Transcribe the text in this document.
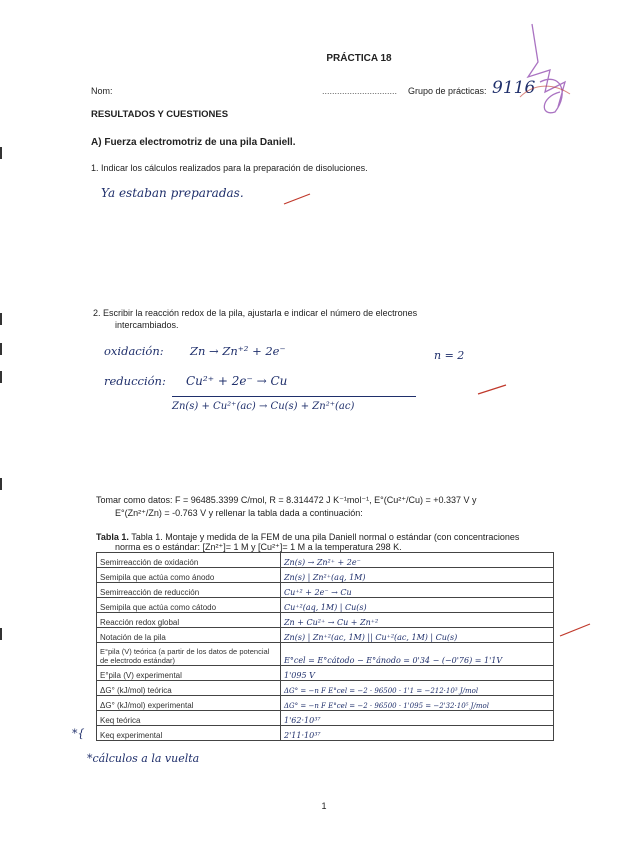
PRÁCTICA 18
Nom:	.............................. Grupo de prácticas: 9116
RESULTADOS Y CUESTIONES
A) Fuerza electromotriz de una pila Daniell.
1. Indicar los cálculos realizados para la preparación de disoluciones.
Ya estaban preparadas.
2. Escribir la reacción redox de la pila, ajustarla e indicar el número de electrones
intercambiados.
oxidación: Zn → Zn⁺² + 2e⁻	n = 2
reducción: Cu²⁺ + 2e⁻ → Cu
Zn(s) + Cu²⁺(ac) → Cu(s) + Zn²⁺(ac)
Tomar como datos: F = 96485.3399 C/mol, R = 8.314472 J K⁻¹mol⁻¹, E°(Cu²⁺/Cu) = +0.337 V y
E°(Zn²⁺/Zn) = -0.763 V y rellenar la tabla dada a continuación:
Tabla 1. Tabla 1. Montaje y medida de la FEM de una pila Daniell normal o estándar (con concentraciones
norma es o estándar: [Zn²⁺]= 1 M y [Cu²⁺]= 1 M a la temperatura 298 K.
Semirreacción de oxidación	Zn(s) → Zn²⁺ + 2e⁻
Semipila que actúa como ánodo	Zn(s) | Zn²⁺(aq, 1M)
Semirreacción de reducción	Cu⁺² + 2e⁻ → Cu
Semipila que actúa como cátodo	Cu⁺²(aq, 1M) | Cu(s)
Reacción redox global	Zn + Cu²⁺ → Cu + Zn⁺²
Notación de la pila	Zn(s) | Zn⁺²(ac, 1M) || Cu⁺²(ac, 1M) | Cu(s)
E°pila (V) teórica (a partir de los datos de potencial de electrodo estándar)	E°cel = E°cátodo − E°ánodo = 0'34 − (−0'76) = 1'1V
E°pila (V) experimental	1'095 V
ΔG° (kJ/mol) teórica	ΔG° = −n F E°cel = −2 · 96500 · 1'1 = −212·10³ J/mol
ΔG° (kJ/mol) experimental	ΔG° = −n F E°cel = −2 · 96500 · 1'095 = −2'32·10⁵ J/mol
Keq teórica	1'62·10³⁷
Keq experimental	2'11·10³⁷
*{
*cálculos a la vuelta
1
